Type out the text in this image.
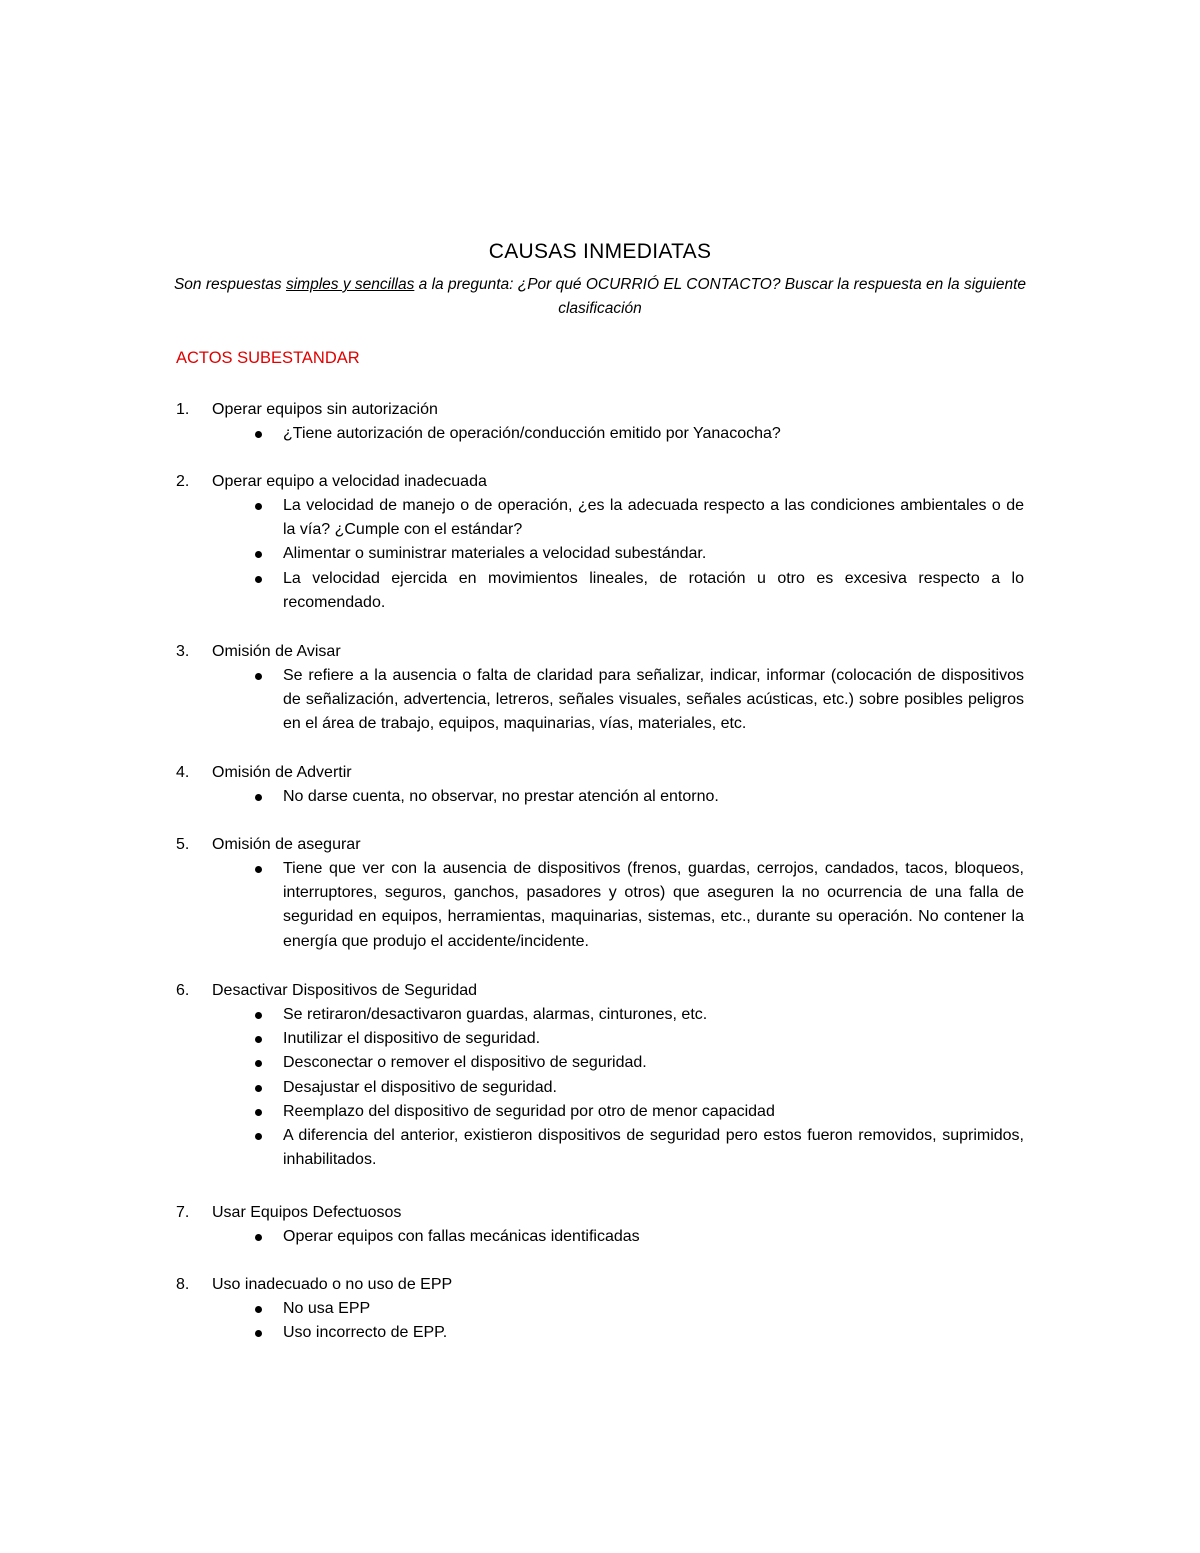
CAUSAS INMEDIATAS
Son respuestas simples y sencillas a la pregunta: ¿Por qué OCURRIÓ EL CONTACTO? Buscar la respuesta en la siguiente clasificación
ACTOS SUBESTANDAR
1. Operar equipos sin autorización
¿Tiene autorización de operación/conducción emitido por Yanacocha?
2. Operar equipo a velocidad inadecuada
La velocidad de manejo o de operación, ¿es la adecuada respecto a las condiciones ambientales o de la vía? ¿Cumple con el estándar?
Alimentar o suministrar materiales a velocidad subestándar.
La velocidad ejercida en movimientos lineales, de rotación u otro es excesiva respecto a lo recomendado.
3. Omisión de Avisar
Se refiere a la ausencia o falta de claridad para señalizar, indicar, informar (colocación de dispositivos de señalización, advertencia, letreros, señales visuales, señales acústicas, etc.) sobre posibles peligros en el área de trabajo, equipos, maquinarias, vías, materiales, etc.
4. Omisión de Advertir
No darse cuenta, no observar, no prestar atención al entorno.
5. Omisión de asegurar
Tiene que ver con la ausencia de dispositivos (frenos, guardas, cerrojos, candados, tacos, bloqueos, interruptores, seguros, ganchos, pasadores y otros) que aseguren la no ocurrencia de una falla de seguridad en equipos, herramientas, maquinarias, sistemas, etc., durante su operación. No contener la energía que produjo el accidente/incidente.
6. Desactivar Dispositivos de Seguridad
Se retiraron/desactivaron guardas, alarmas, cinturones, etc.
Inutilizar el dispositivo de seguridad.
Desconectar o remover el dispositivo de seguridad.
Desajustar el dispositivo de seguridad.
Reemplazo del dispositivo de seguridad por otro de menor capacidad
A diferencia del anterior, existieron dispositivos de seguridad pero estos fueron removidos, suprimidos, inhabilitados.
7. Usar Equipos Defectuosos
Operar equipos con fallas mecánicas identificadas
8. Uso inadecuado o no uso de EPP
No usa EPP
Uso incorrecto de EPP.
